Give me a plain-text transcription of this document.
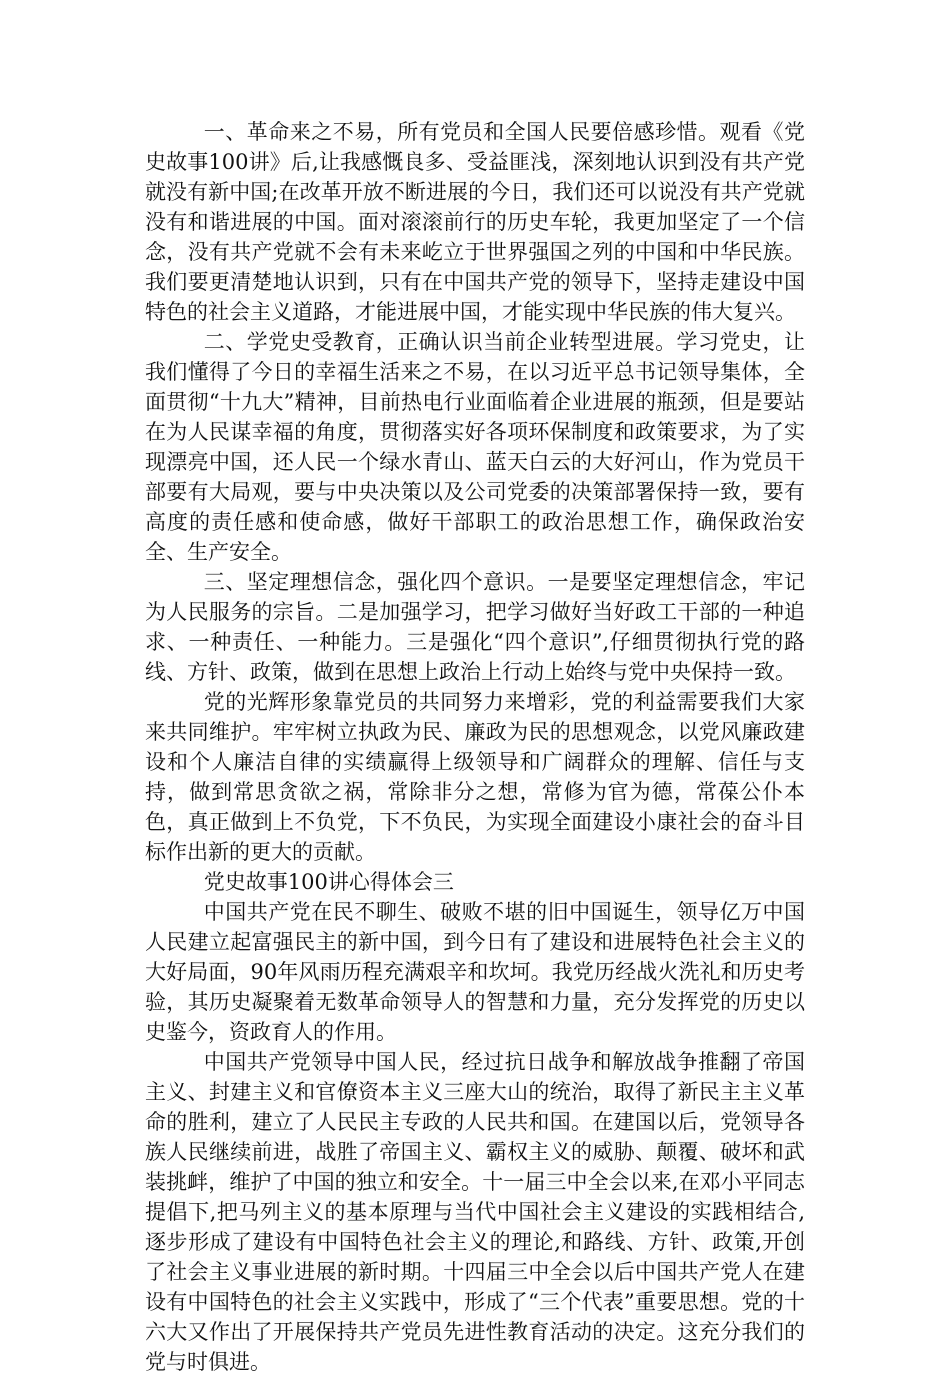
一、革命来之不易，所有党员和全国人民要倍感珍惜。观看《党史故事100讲》后,让我感慨良多、受益匪浅，深刻地认识到没有共产党就没有新中国;在改革开放不断进展的今日，我们还可以说没有共产党就没有和谐进展的中国。面对滚滚前行的历史车轮，我更加坚定了一个信念，没有共产党就不会有未来屹立于世界强国之列的中国和中华民族。我们要更清楚地认识到，只有在中国共产党的领导下，坚持走建设中国特色的社会主义道路，才能进展中国，才能实现中华民族的伟大复兴。

二、学党史受教育，正确认识当前企业转型进展。学习党史，让我们懂得了今日的幸福生活来之不易，在以习近平总书记领导集体，全面贯彻“十九大”精神，目前热电行业面临着企业进展的瓶颈，但是要站在为人民谋幸福的角度，贯彻落实好各项环保制度和政策要求，为了实现漂亮中国，还人民一个绿水青山、蓝天白云的大好河山，作为党员干部要有大局观，要与中央决策以及公司党委的决策部署保持一致，要有高度的责任感和使命感，做好干部职工的政治思想工作，确保政治安全、生产安全。

三、坚定理想信念，强化四个意识。一是要坚定理想信念，牢记为人民服务的宗旨。二是加强学习，把学习做好当好政工干部的一种追求、一种责任、一种能力。三是强化“四个意识”,仔细贯彻执行党的路线、方针、政策，做到在思想上政治上行动上始终与党中央保持一致。

党的光辉形象靠党员的共同努力来增彩，党的利益需要我们大家来共同维护。牢牢树立执政为民、廉政为民的思想观念，以党风廉政建设和个人廉洁自律的实绩赢得上级领导和广阔群众的理解、信任与支持，做到常思贪欲之祸，常除非分之想，常修为官为德，常葆公仆本色，真正做到上不负党，下不负民，为实现全面建设小康社会的奋斗目标作出新的更大的贡献。

党史故事100讲心得体会三

中国共产党在民不聊生、破败不堪的旧中国诞生，领导亿万中国人民建立起富强民主的新中国，到今日有了建设和进展特色社会主义的大好局面，90年风雨历程充满艰辛和坎坷。我党历经战火洗礼和历史考验，其历史凝聚着无数革命领导人的智慧和力量，充分发挥党的历史以史鉴今，资政育人的作用。

中国共产党领导中国人民，经过抗日战争和解放战争推翻了帝国主义、封建主义和官僚资本主义三座大山的统治，取得了新民主主义革命的胜利，建立了人民民主专政的人民共和国。在建国以后，党领导各族人民继续前进，战胜了帝国主义、霸权主义的威胁、颠覆、破坏和武装挑衅，维护了中国的独立和安全。十一届三中全会以来,在邓小平同志提倡下,把马列主义的基本原理与当代中国社会主义建设的实践相结合,逐步形成了建设有中国特色社会主义的理论,和路线、方针、政策,开创了社会主义事业进展的新时期。十四届三中全会以后中国共产党人在建设有中国特色的社会主义实践中，形成了“三个代表”重要思想。党的十六大又作出了开展保持共产党员先进性教育活动的决定。这充分我们的党与时俱进。
